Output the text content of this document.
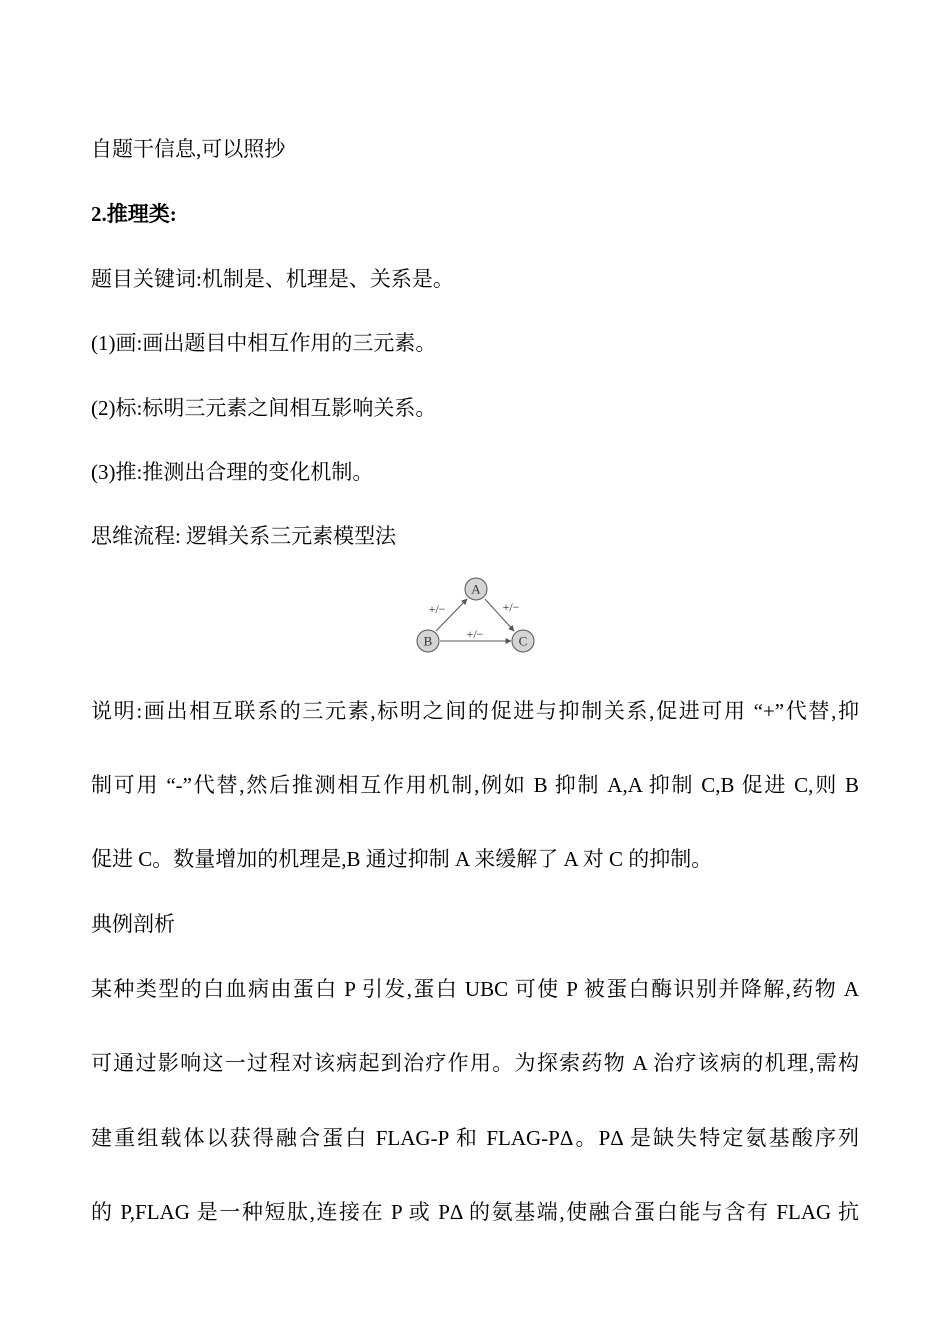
自题干信息,可以照抄
2.推理类:
题目关键词:机制是、机理是、关系是。
(1)画:画出题目中相互作用的三元素。
(2)标:标明三元素之间相互影响关系。
(3)推:推测出合理的变化机制。
思维流程: 逻辑关系三元素模型法
A
B	C
+/−	+/−
+/−
说明:画出相互联系的三元素,标明之间的促进与抑制关系,促进可用 “+”代替,抑
制可用 “-”代替,然后推测相互作用机制,例如 B 抑制 A,A 抑制 C,B 促进 C,则 B
促进 C。数量增加的机理是,B 通过抑制 A 来缓解了 A 对 C 的抑制。
典例剖析
某种类型的白血病由蛋白 P 引发,蛋白 UBC 可使 P 被蛋白酶识别并降解,药物 A
可通过影响这一过程对该病起到治疗作用。为探索药物 A 治疗该病的机理,需构
建重组载体以获得融合蛋白 FLAG-P 和 FLAG-PΔ。PΔ 是缺失特定氨基酸序列
的 P,FLAG 是一种短肽,连接在 P 或 PΔ 的氨基端,使融合蛋白能与含有 FLAG 抗
